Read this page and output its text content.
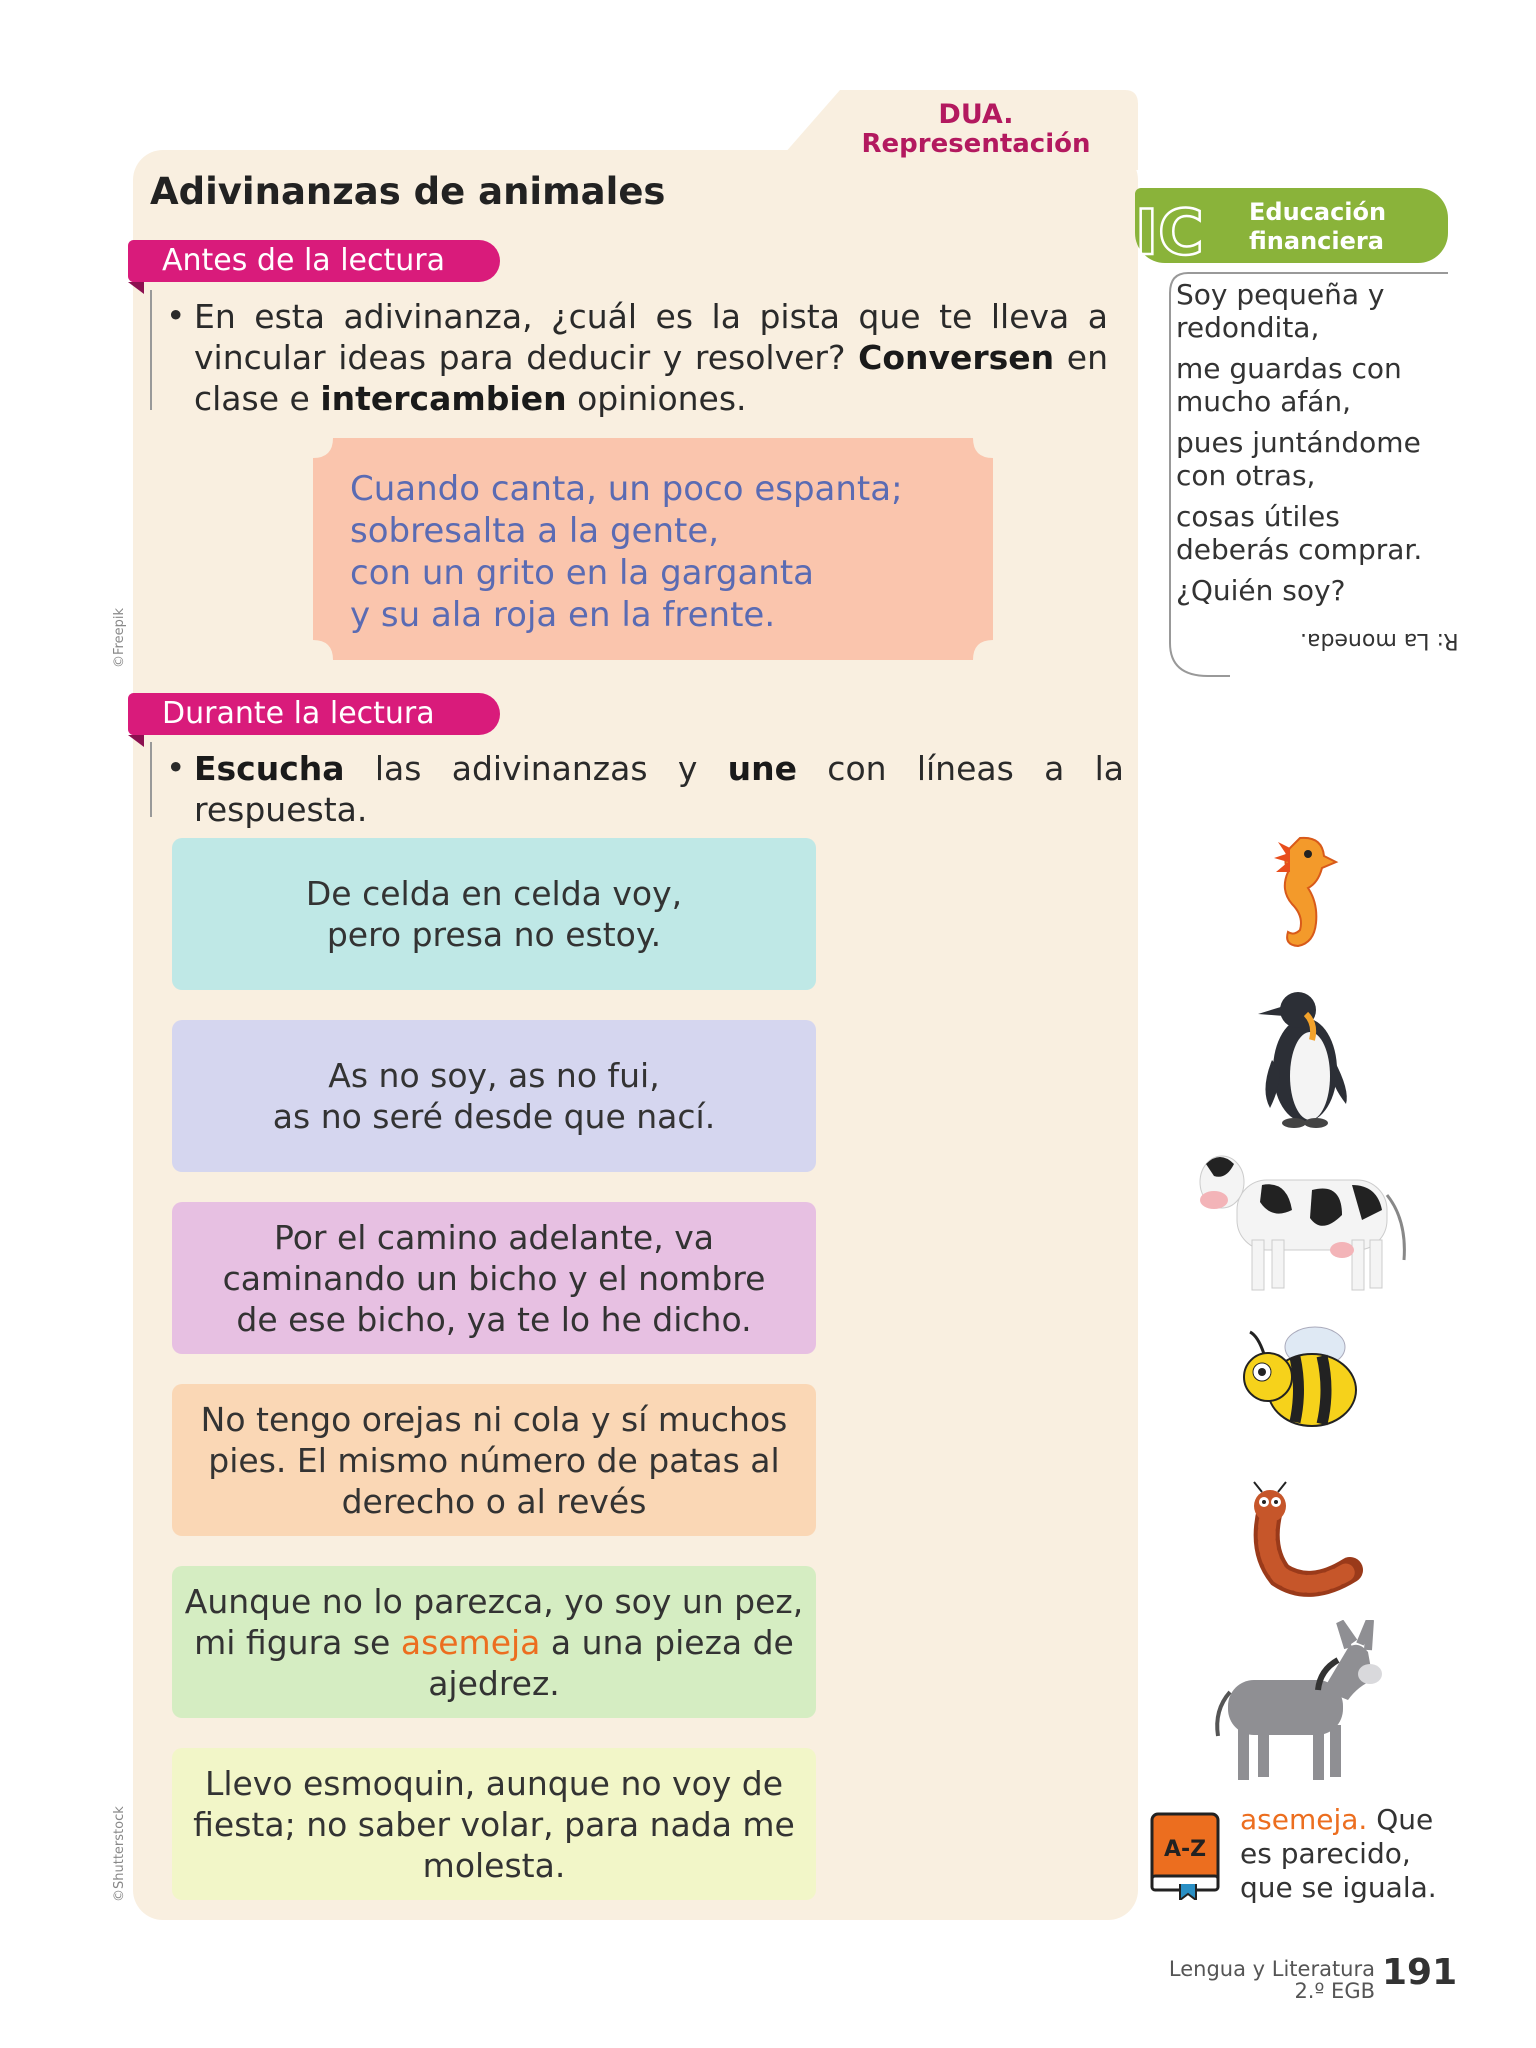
DUA.
Representación
Adivinanzas de animales
Antes de la lectura
• En esta adivinanza, ¿cuál es la pista que te lleva a vincular ideas para deducir y resolver? Conversen en clase e intercambien opiniones.
Cuando canta, un poco espanta;
sobresalta a la gente,
con un grito en la garganta
y su ala roja en la frente.
©Freepik
Durante la lectura
• Escucha las adivinanzas y une con líneas a la respuesta.
De celda en celda voy,
pero presa no estoy.
As no soy, as no fui,
as no seré desde que nací.
Por el camino adelante, va
caminando un bicho y el nombre
de ese bicho, ya te lo he dicho.
No tengo orejas ni cola y sí muchos
pies. El mismo número de patas al
derecho o al revés
Aunque no lo parezca, yo soy un pez,
mi figura se asemeja a una pieza de
ajedrez.
Llevo esmoquin, aunque no voy de
fiesta; no saber volar, para nada me
molesta.
©Shutterstock
IC Educación
financiera
Soy pequeña y redondita,
me guardas con mucho afán,
pues juntándome con otras,
cosas útiles deberás comprar.
¿Quién soy?
R: La moneda.
A-Z
asemeja. Que es parecido, que se iguala.
Lengua y Literatura
2.º EGB 191
